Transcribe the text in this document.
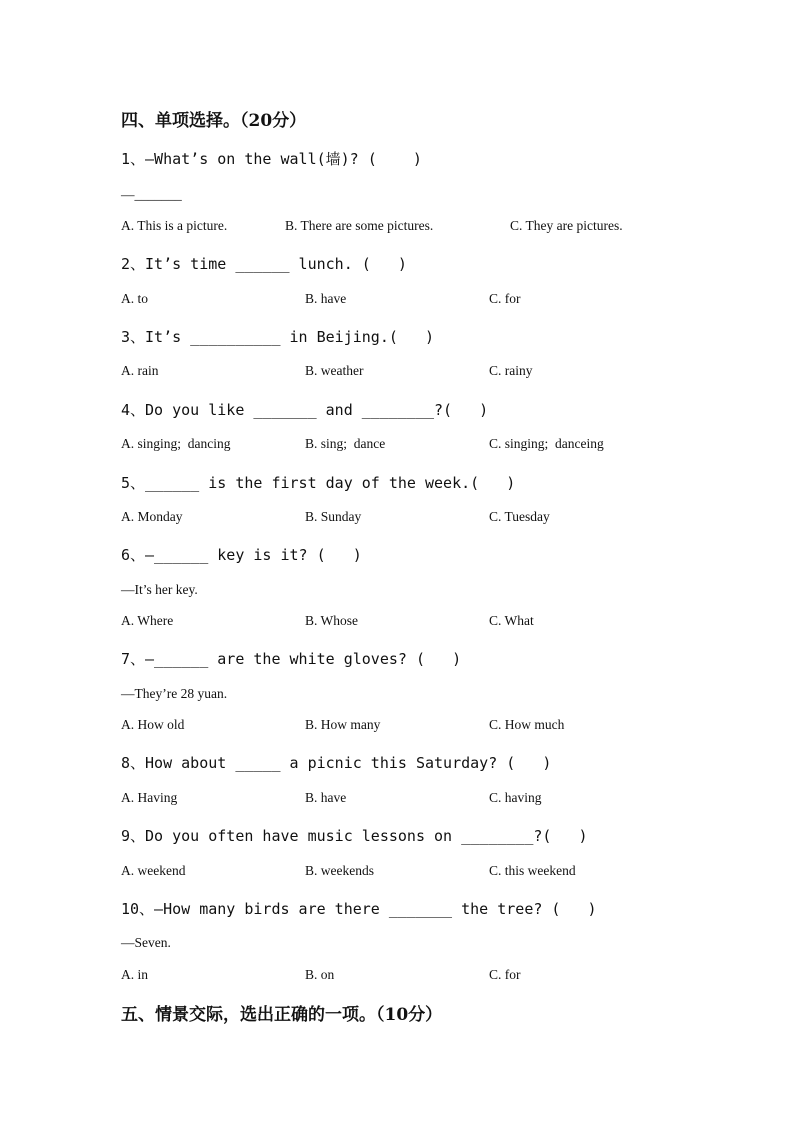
四、单项选择。（20分）
1、—What’s on the wall(墙)? (    )
—_______
A. This is a picture.	B. There are some pictures.	C. They are pictures.
2、It’s time ______ lunch. (   )
A. to	B. have	C. for
3、It’s __________ in Beijing.(   )
A. rain	B. weather	C. rainy
4、Do you like _______ and ________?(   )
A. singing;  dancing	B. sing;  dance	C. singing;  danceing
5、______ is the first day of the week.(   )
A. Monday	B. Sunday	C. Tuesday
6、—______ key is it? (   )
—It’s her key.
A. Where	B. Whose	C. What
7、—______ are the white gloves? (   )
—They’re 28 yuan.
A. How old	B. How many	C. How much
8、How about _____ a picnic this Saturday? (   )
A. Having	B. have	C. having
9、Do you often have music lessons on ________?(   )
A. weekend	B. weekends	C. this weekend
10、—How many birds are there _______ the tree? (   )
—Seven.
A. in	B. on	C. for
五、情景交际，选出正确的一项。（10分）
